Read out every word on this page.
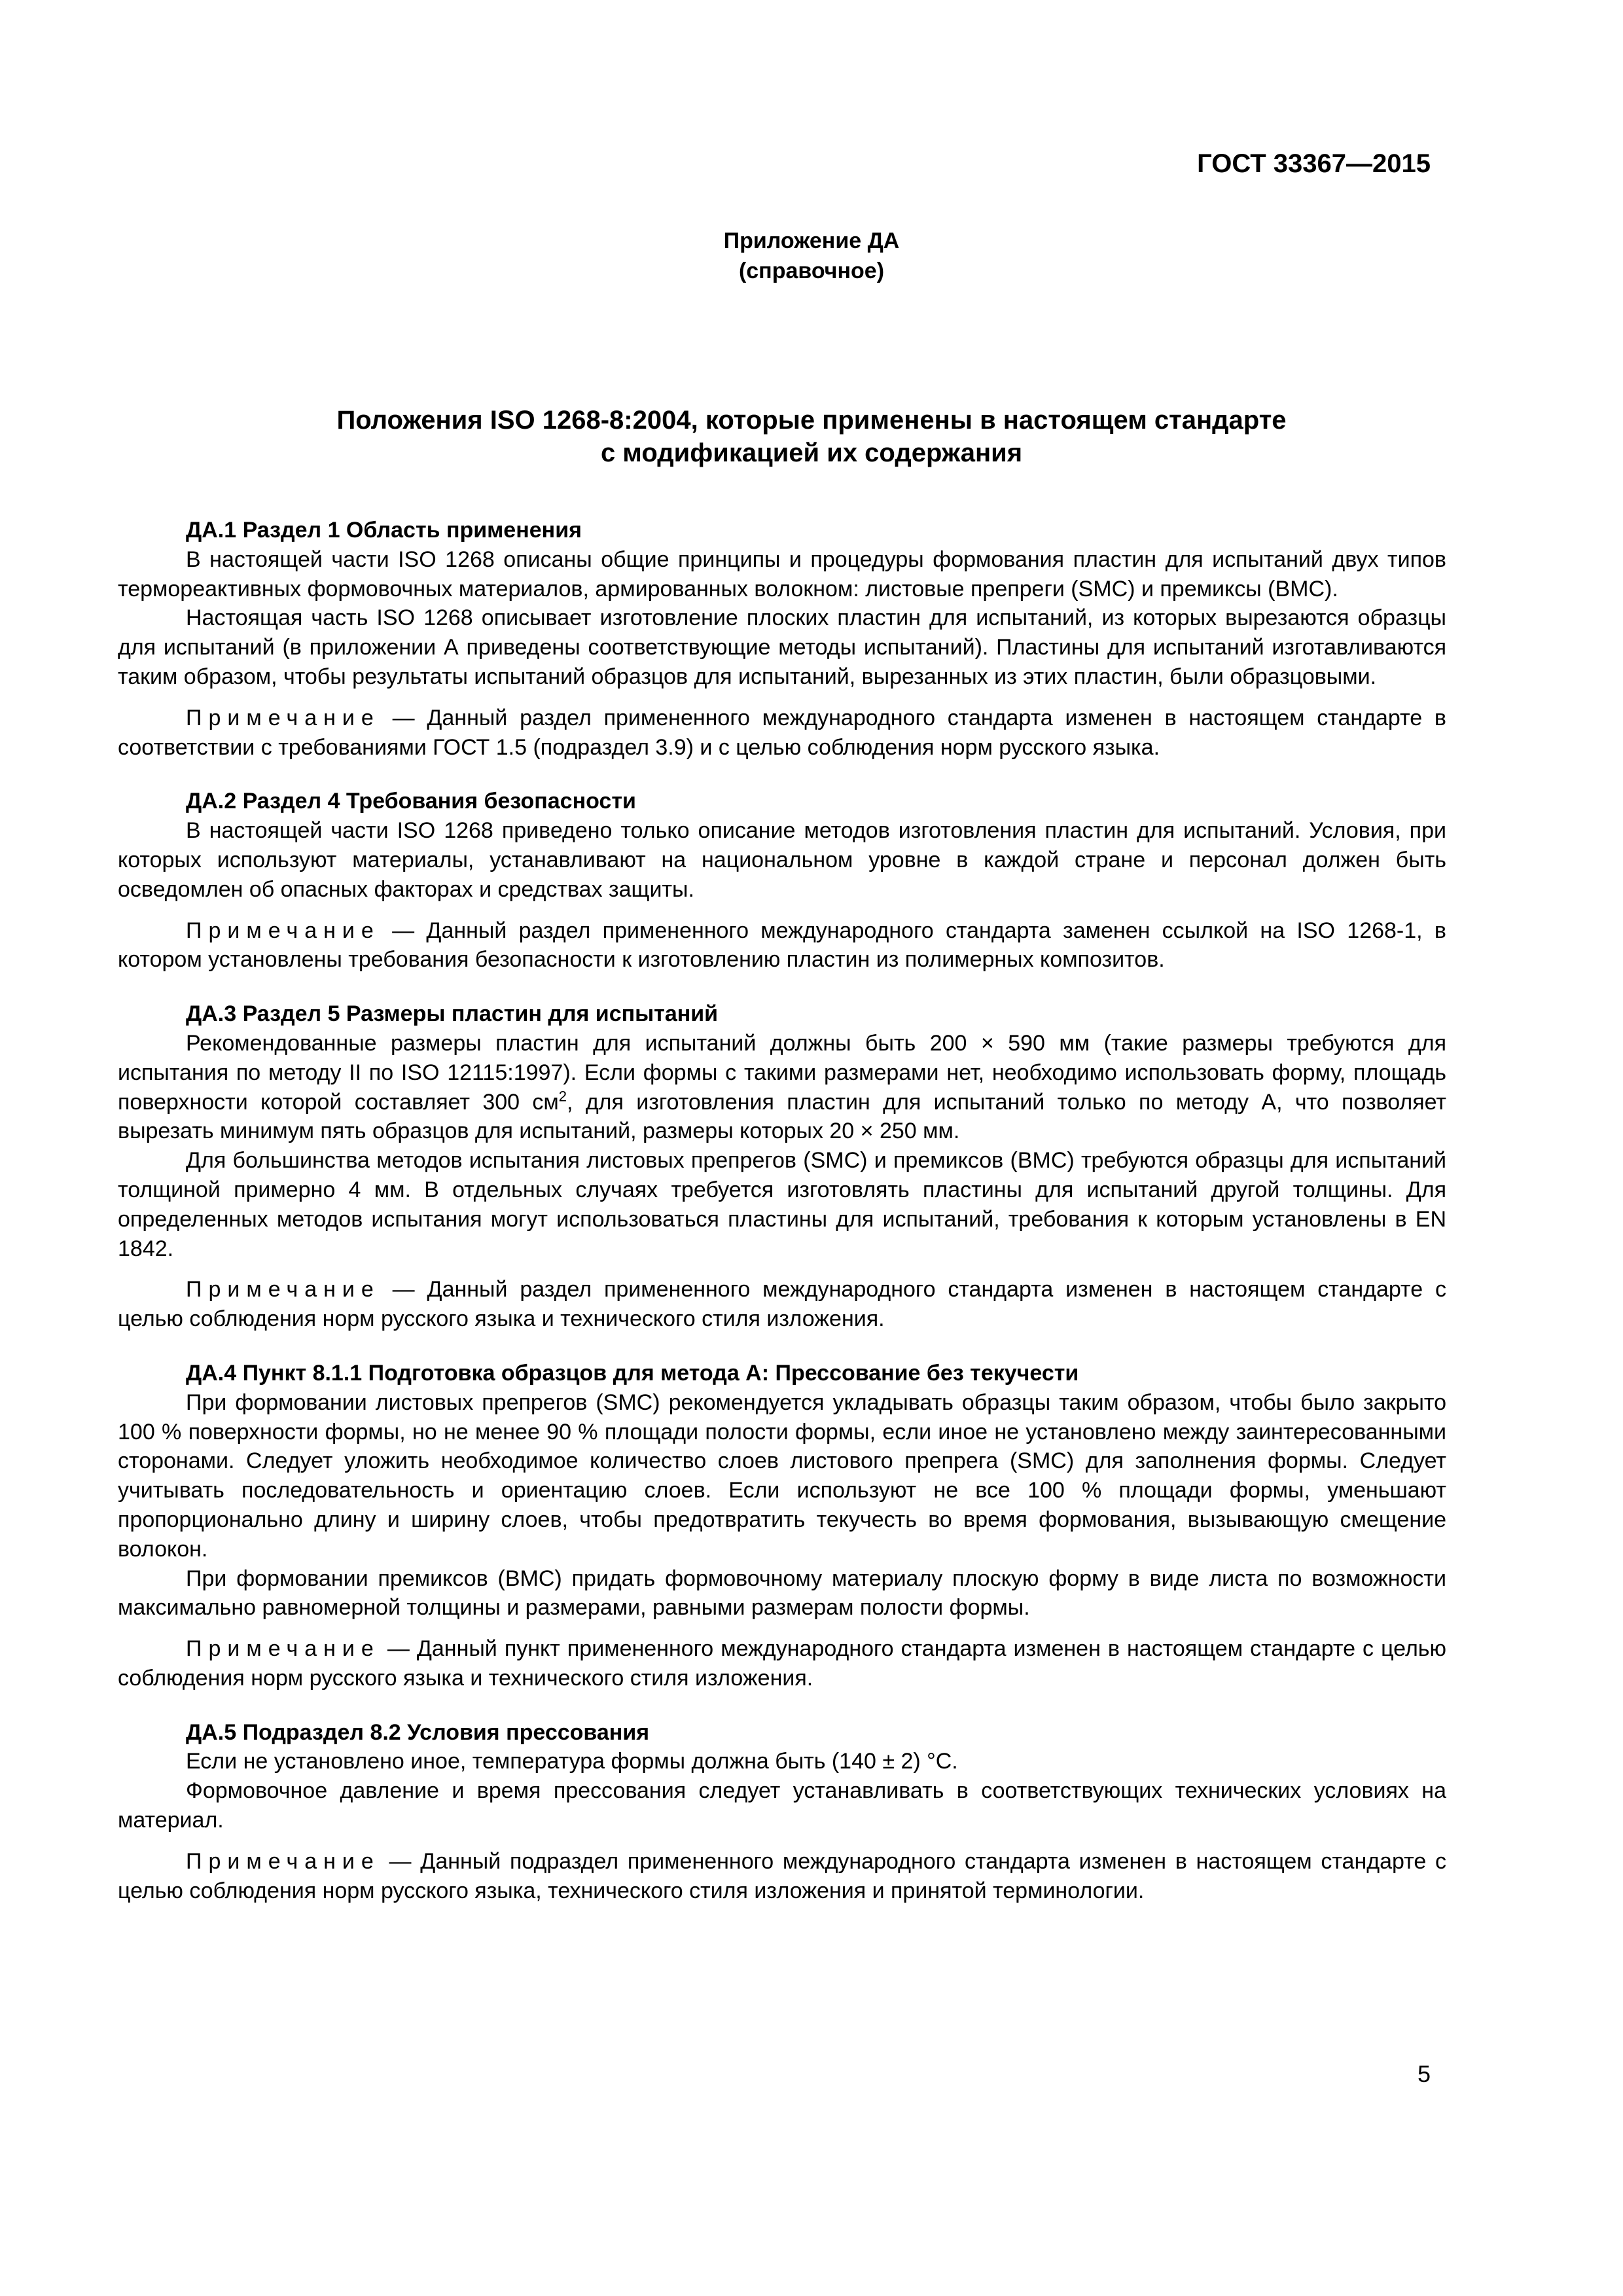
ГОСТ 33367—2015

Приложение ДА
(справочное)
Положения ISO 1268-8:2004, которые применены в настоящем стандарте
с модификацией их содержания

ДА.1 Раздел 1 Область применения

В настоящей части ISO 1268 описаны общие принципы и процедуры формования пластин для испытаний двух типов термореактивных формовочных материалов, армированных волокном: листовые препреги (SMC) и премиксы (BMC).

Настоящая часть ISO 1268 описывает изготовление плоских пластин для испытаний, из которых вырезаются образцы для испытаний (в приложении А приведены соответствующие методы испытаний). Пластины для испытаний изготавливаются таким образом, чтобы результаты испытаний образцов для испытаний, вырезанных из этих пластин, были образцовыми.

Примечание — Данный раздел примененного международного стандарта изменен в настоящем стандарте в соответствии с требованиями ГОСТ 1.5 (подраздел 3.9) и с целью соблюдения норм русского языка.

ДА.2 Раздел 4 Требования безопасности

В настоящей части ISO 1268 приведено только описание методов изготовления пластин для испытаний. Условия, при которых используют материалы, устанавливают на национальном уровне в каждой стране и персонал должен быть осведомлен об опасных факторах и средствах защиты.

Примечание — Данный раздел примененного международного стандарта заменен ссылкой на ISO 1268-1, в котором установлены требования безопасности к изготовлению пластин из полимерных композитов.

ДА.3 Раздел 5 Размеры пластин для испытаний

Рекомендованные размеры пластин для испытаний должны быть 200 × 590 мм (такие размеры требуются для испытания по методу II по ISO 12115:1997). Если формы с такими размерами нет, необходимо использовать форму, площадь поверхности которой составляет 300 $см^2$, для изготовления пластин для испытаний только по методу А, что позволяет вырезать минимум пять образцов для испытаний, размеры которых 20 × 250 мм.

Для большинства методов испытания листовых препрегов (SMC) и премиксов (BMC) требуются образцы для испытаний толщиной примерно 4 мм. В отдельных случаях требуется изготовлять пластины для испытаний другой толщины. Для определенных методов испытания могут использоваться пластины для испытаний, требования к которым установлены в EN 1842.

Примечание — Данный раздел примененного международного стандарта изменен в настоящем стандарте с целью соблюдения норм русского языка и технического стиля изложения.

ДА.4 Пункт 8.1.1 Подготовка образцов для метода А: Прессование без текучести

При формовании листовых препрегов (SMC) рекомендуется укладывать образцы таким образом, чтобы было закрыто 100 % поверхности формы, но не менее 90 % площади полости формы, если иное не установлено между заинтересованными сторонами. Следует уложить необходимое количество слоев листового препрега (SMC) для заполнения формы. Следует учитывать последовательность и ориентацию слоев. Если используют не все 100 % площади формы, уменьшают пропорционально длину и ширину слоев, чтобы предотвратить текучесть во время формования, вызывающую смещение волокон.

При формовании премиксов (BMC) придать формовочному материалу плоскую форму в виде листа по возможности максимально равномерной толщины и размерами, равными размерам полости формы.

Примечание — Данный пункт примененного международного стандарта изменен в настоящем стандарте с целью соблюдения норм русского языка и технического стиля изложения.

ДА.5 Подраздел 8.2 Условия прессования

Если не установлено иное, температура формы должна быть (140 ± 2) °С.

Формовочное давление и время прессования следует устанавливать в соответствующих технических условиях на материал.

Примечание — Данный подраздел примененного международного стандарта изменен в настоящем стандарте с целью соблюдения норм русского языка, технического стиля изложения и принятой терминологии.

5
